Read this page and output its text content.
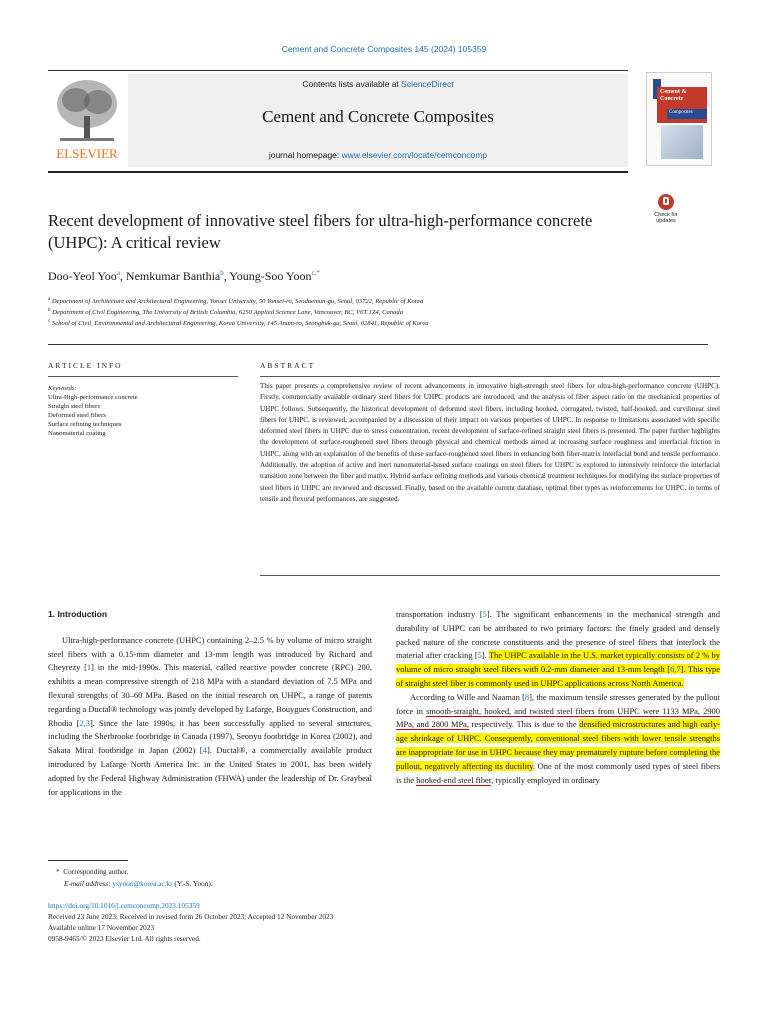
Cement and Concrete Composites 145 (2024) 105359
ELSEVIER
Contents lists available at ScienceDirect
Cement and Concrete Composites
journal homepage: www.elsevier.com/locate/cemconcomp
Cement & Concrete
Composites
Recent development of innovative steel fibers for ultra-high-performance concrete (UHPC): A critical review
Check for
updates
Doo-Yeol Yoo$^a$, Nemkumar Banthia$^b$, Young-Soo Yoon$^{c,*}$
$^a$ Department of Architecture and Architectural Engineering, Yonsei University, 50 Yonsei-ro, Seodaemun-gu, Seoul, 03722, Republic of Korea
$^b$ Department of Civil Engineering, The University of British Columbia, 6250 Applied Science Lane, Vancouver, BC, V6T 1Z4, Canada
$^c$ School of Civil, Environmental and Architectural Engineering, Korea University, 145 Anam-ro, Seongbuk-gu, Seoul, 02841, Republic of Korea
ARTICLE INFO	ABSTRACT
Keywords:
Ultra-High-performance concrete
Straight steel fibers
Deformed steel fibers
Surface refining techniques
Nanomaterial coating
This paper presents a comprehensive review of recent advancements in innovative high-strength steel fibers for ultra-high-performance concrete (UHPC). Firstly, commercially available ordinary steel fibers for UHPC products are introduced, and the analysis of fiber aspect ratio on the mechanical properties of UHPC follows. Subsequently, the historical development of deformed steel fibers, including hooked, corrugated, twisted, half-hooked, and curvilinear steel fibers for UHPC, is reviewed, accompanied by a discussion of their impact on various properties of UHPC. In response to limitations associated with specific deformed steel fibers in UHPC due to stress concentration, recent development of surface-refined straight steel fibers is presented. The paper further highlights the development of surface-roughened steel fibers through physical and chemical methods aimed at increasing surface roughness and interfacial friction in UHPC, along with an explanation of the benefits of these surface-roughened steel fibers in enhancing both fiber-matrix interfacial bond and tensile performance. Additionally, the adoption of active and inert nanomaterial-based surface coatings on steel fibers for UHPC is explored to intensively reinforce the interfacial transition zone between the fiber and matrix. Hybrid surface refining methods and various chemical treatment techniques for modifying the surface properties of steel fibers in UHPC are reviewed and discussed. Finally, based on the available current database, optimal fiber types as reinforcements for UHPC, in terms of tensile and flexural performances, are suggested.

1. Introduction

Ultra-high-performance concrete (UHPC) containing 2–2.5 % by volume of micro straight steel fibers with a 0.15-mm diameter and 13-mm length was introduced by Richard and Cheyrezy [1] in the mid-1990s. This material, called reactive powder concrete (RPC) 200, exhibits a mean compressive strength of 218 MPa with a standard deviation of 7.5 MPa and flexural strengths of 30–60 MPa. Based on the initial research on UHPC, a range of patents regarding a Ductal® technology was jointly developed by Lafarge, Bouygues Construction, and Rhodia [2,3]. Since the late 1990s, it has been successfully applied to several structures, including the Sherbrooke footbridge in Canada (1997), Seonyu footbridge in Korea (2002), and Sakata Mirai footbridge in Japan (2002) [4]. Ductal®, a commercially available product introduced by Lafarge North America Inc. in the United States in 2001, has been widely adopted by the Federal Highway Administration (FHWA) under the leadership of Dr. Graybeal for applications in the

transportation industry [5]. The significant enhancements in the mechanical strength and durability of UHPC can be attributed to two primary factors: the finely graded and densely packed nature of the concrete constituents and the presence of steel fibers that interlock the material after cracking [5]. The UHPC available in the U.S. market typically consists of 2 % by volume of micro straight steel fibers with 0.2-mm diameter and 13-mm length [6,7]. This type of straight steel fiber is commonly used in UHPC applications across North America.

According to Wille and Naaman [8], the maximum tensile stresses generated by the pullout force in smooth-straight, hooked, and twisted steel fibers from UHPC were 1133 MPa, 2900 MPa, and 2800 MPa, respectively. This is due to the densified microstructures and high early-age shrinkage of UHPC. Consequently, conventional steel fibers with lower tensile strengths are inappropriate for use in UHPC because they may prematurely rupture before completing the pullout, negatively affecting its ductility. One of the most commonly used types of steel fibers is the hooked-end steel fiber, typically employed in ordinary

*  Corresponding author.
E-mail address: ysyoon@korea.ac.kr (Y.-S. Yoon).
https://doi.org/10.1016/j.cemconcomp.2023.105359
Received 23 June 2023; Received in revised form 26 October 2023; Accepted 12 November 2023
Available online 17 November 2023
0958-9465/© 2023 Elsevier Ltd. All rights reserved.
